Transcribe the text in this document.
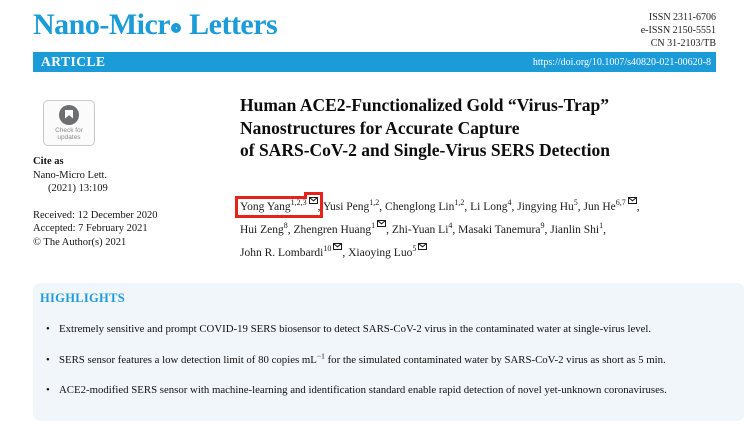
Nano-Micr
Letters	ISSN 2311-6706
e-ISSN 2150-5551
CN 31-2103/TB
ARTICLE	https://doi.org/10.1007/s40820-021-00620-8
Check for
updates
Cite as
Nano-Micro Lett.
(2021) 13:109
Received: 12 December 2020
Accepted: 7 February 2021
© The Author(s) 2021
Human ACE2-Functionalized Gold “Virus-Trap”
Nanostructures for Accurate Capture
of SARS-CoV-2 and Single-Virus SERS Detection
Yong Yang$^{1,2,3}$ , Yusi Peng$^{1,2}$, Chenglong Lin$^{1,2}$, Li Long$^4$, Jingying Hu$^5$, Jun He$^{6,7}$ ,
Hui Zeng$^8$, Zhengren Huang$^1$ , Zhi-Yuan Li$^4$, Masaki Tanemura$^9$, Jianlin Shi$^1$,
John R. Lombardi$^{10}$ , Xiaoying Luo$^5$
HIGHLIGHTS
• Extremely sensitive and prompt COVID-19 SERS biosensor to detect SARS-CoV-2 virus in the contaminated water at single-virus level.
• SERS sensor features a low detection limit of 80 copies $mL^{-1}$ for the simulated contaminated water by SARS-CoV-2 virus as short as 5 min.
• ACE2-modified SERS sensor with machine-learning and identification standard enable rapid detection of novel yet-unknown coronaviruses.
